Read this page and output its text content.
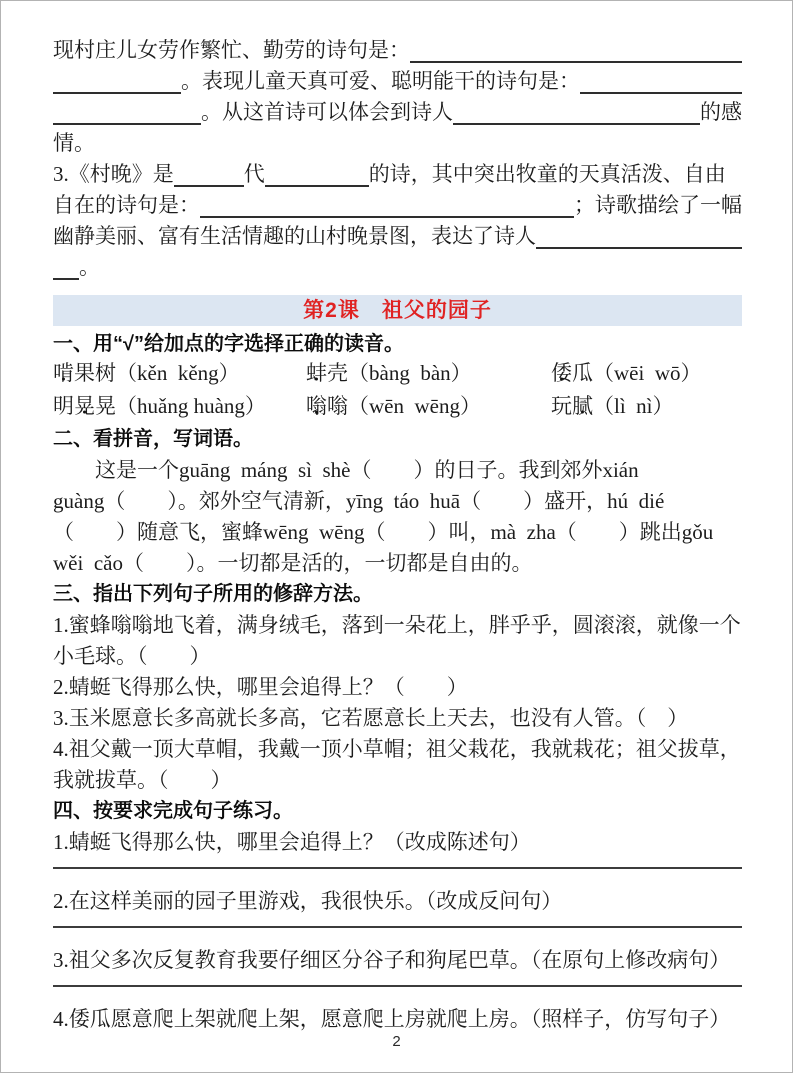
现村庄儿女劳作繁忙、勤劳的诗句是：
。表现儿童天真可爱、聪明能干的诗句是：
。从这首诗可以体会到诗人	的感
情。
3.《村晚》是	代	的诗，其中突出牧童的天真活泼、自由
自在的诗句是：	；诗歌描绘了一幅
幽静美丽、富有生活情趣的山村晚景图，表达了诗人
。
第2课　祖父的园子
一、用“√”给加点的字选择正确的读音。
啃 ●果树（kěn  kěng）	蚌 ●壳（bàng  bàn）	倭 ●瓜（wēi  wō）
明晃 ●晃（huǎng huàng）	嗡 ●嗡（wēn  wēng）	玩腻 ●（lì  nì）
二、看拼音，写词语。
这是一个guāng  máng  sì  shè（　　）的日子。我到郊外xián
guàng（　　）。郊外空气清新，yīng  táo  huā（　　）盛开，hú  dié
（　　）随意飞，蜜蜂wēng  wēng（　　）叫，mà  zha（　　）跳出gǒu
wěi  cǎo（　　）。一切都是活的，一切都是自由的。
三、指出下列句子所用的修辞方法。
1.蜜蜂嗡嗡地飞着，满身绒毛，落到一朵花上，胖乎乎，圆滚滚，就像一个小毛球。（　　）
2.蜻蜓飞得那么快，哪里会追得上？（　　）
3.玉米愿意长多高就长多高，它若愿意长上天去，也没有人管。（　）
4.祖父戴一顶大草帽，我戴一顶小草帽；祖父栽花，我就栽花；祖父拔草，我就拔草。（　　）
四、按要求完成句子练习。
1.蜻蜓飞得那么快，哪里会追得上？（改成陈述句）
2.在这样美丽的园子里游戏，我很快乐。（改成反问句）
3.祖父多次反复教育我要仔细区分谷子和狗尾巴草。（在原句上修改病句）
4.倭瓜愿意爬上架就爬上架，愿意爬上房就爬上房。（照样子，仿写句子）
2
